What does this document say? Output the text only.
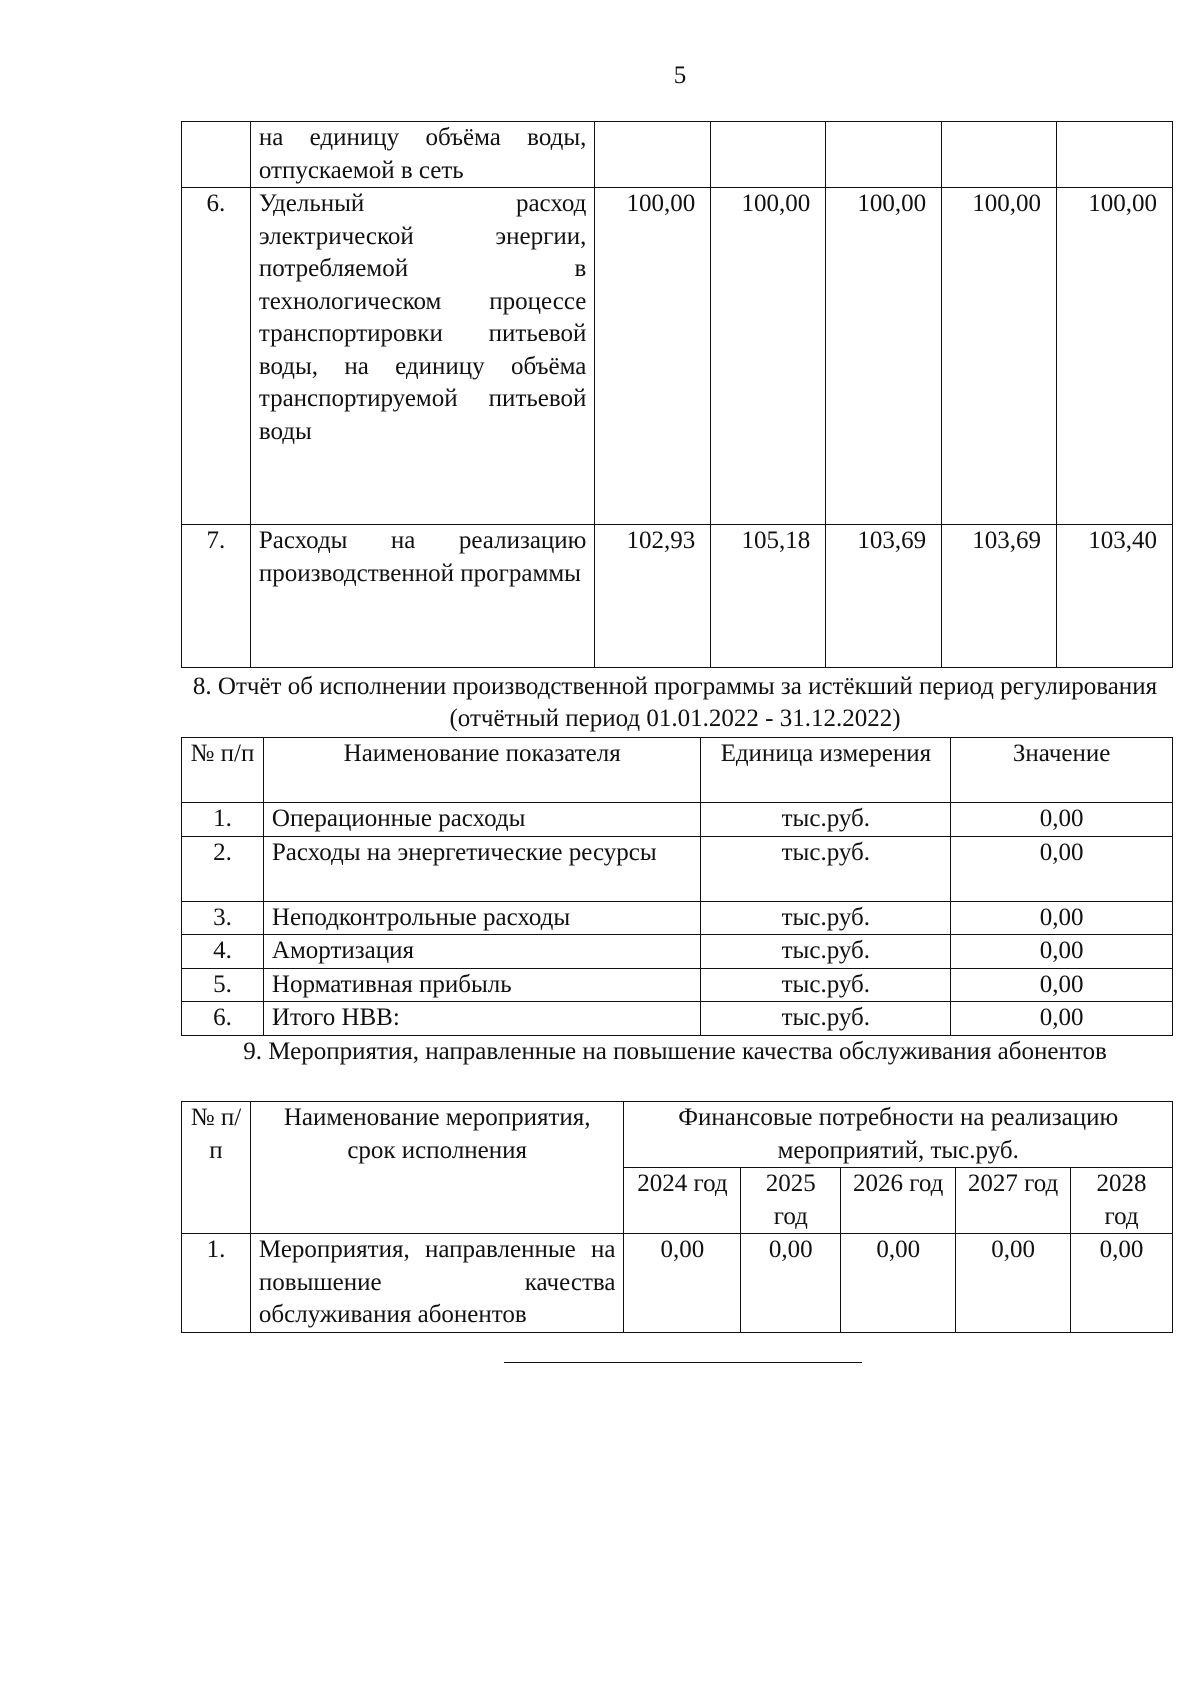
5
	на единицу объёма воды, отпускаемой в сеть					
6.	Удельный расход электрической энергии, потребляемой в технологическом процессе транспортировки питьевой воды, на единицу объёма транспортируемой питьевой воды	100,00	100,00	100,00	100,00	100,00
7.	Расходы на реализацию производственной программы	102,93	105,18	103,69	103,69	103,40
8. Отчёт об исполнении производственной программы за истёкший период регулирования (отчётный период 01.01.2022 - 31.12.2022)
№ п/п	Наименование показателя	Единица измерения	Значение
1.	Операционные расходы	тыс.руб.	0,00
2.	Расходы на энергетические ресурсы	тыс.руб.	0,00
3.	Неподконтрольные расходы	тыс.руб.	0,00
4.	Амортизация	тыс.руб.	0,00
5.	Нормативная прибыль	тыс.руб.	0,00
6.	Итого НВВ:	тыс.руб.	0,00
9. Мероприятия, направленные на повышение качества обслуживания абонентов
№ п/п	Наименование мероприятия, срок исполнения	Финансовые потребности на реализацию мероприятий, тыс.руб.				
		2024 год	2025 год	2026 год	2027 год	2028 год
1.	Мероприятия, направленные на повышение качества обслуживания абонентов	0,00	0,00	0,00	0,00	0,00
